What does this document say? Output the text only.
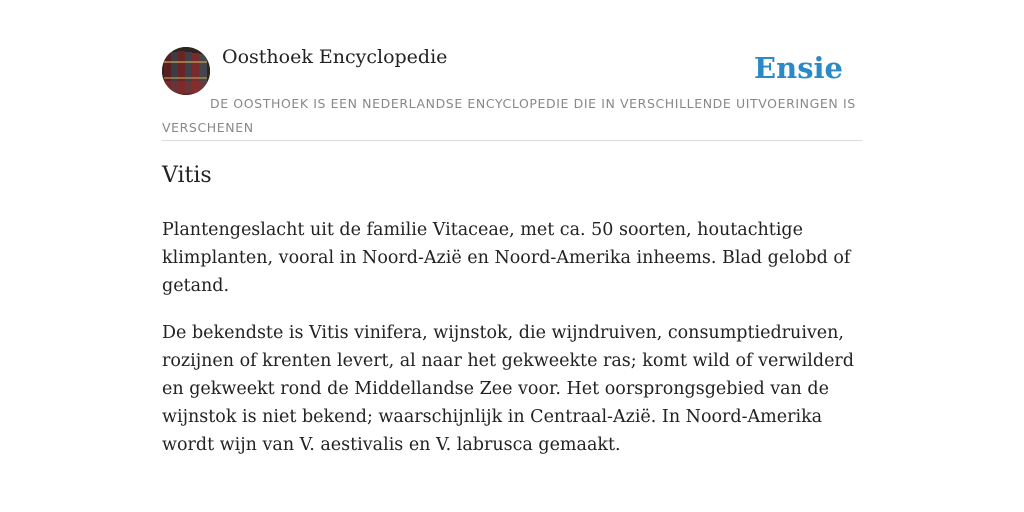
Oosthoek Encyclopedie	Ensie
DE OOSTHOEK IS EEN NEDERLANDSE ENCYCLOPEDIE DIE IN VERSCHILLENDE UITVOERINGEN IS VERSCHENEN
Vitis

Plantengeslacht uit de familie Vitaceae, met ca. 50 soorten, houtachtige klimplanten, vooral in Noord-Azië en Noord-Amerika inheems. Blad gelobd of getand.

De bekendste is Vitis vinifera, wijnstok, die wijndruiven, consumptiedruiven, rozijnen of krenten levert, al naar het gekweekte ras; komt wild of verwilderd en gekweekt rond de Middellandse Zee voor. Het oorsprongsgebied van de wijnstok is niet bekend; waarschijnlijk in Centraal-Azië. In Noord-Amerika wordt wijn van V. aestivalis en V. labrusca gemaakt.
